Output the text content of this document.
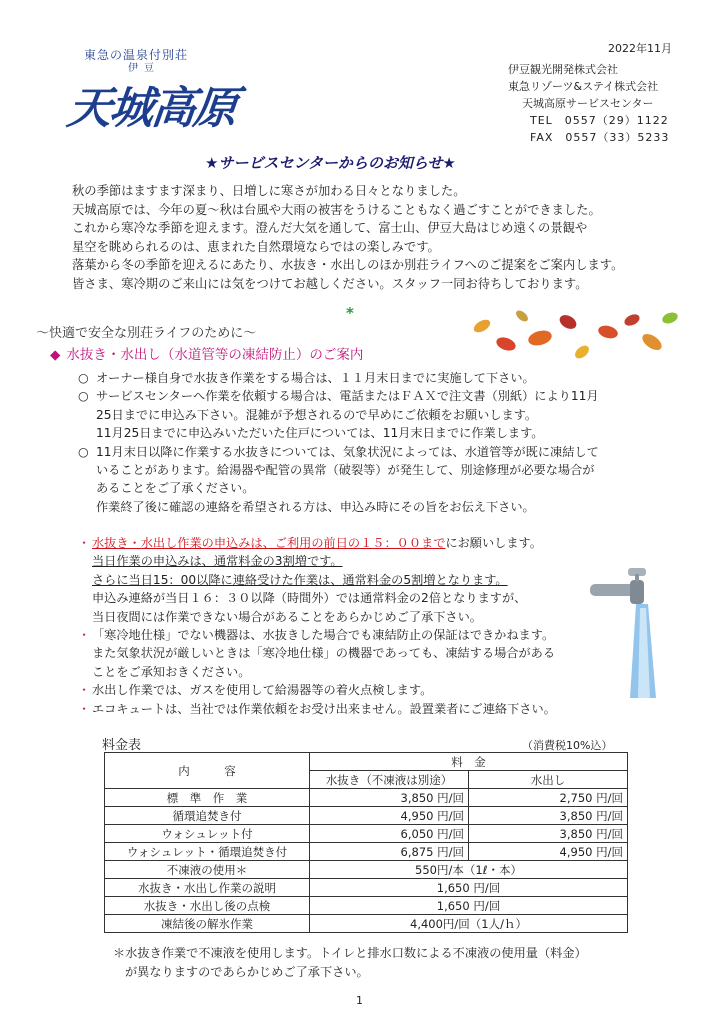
東急の温泉付別荘
伊豆
天城高原
2022年11月
伊豆観光開発株式会社
東急リゾーツ&ステイ株式会社
天城高原サービスセンター
TEL　0557（29）1122
FAX　0557（33）5233
★サービスセンターからのお知らせ★
秋の季節はますます深まり、日増しに寒さが加わる日々となりました。
天城高原では、今年の夏～秋は台風や大雨の被害をうけることもなく過ごすことができました。
これから寒冷な季節を迎えます。澄んだ大気を通して、富士山、伊豆大島はじめ遠くの景観や
星空を眺められるのは、恵まれた自然環境ならではの楽しみです。
落葉から冬の季節を迎えるにあたり、水抜き・水出しのほか別荘ライフへのご提案をご案内します。
皆さま、寒冷期のご来山には気をつけてお越しください。スタッフ一同お待ちしております。
*
～快適で安全な別荘ライフのために～
◆ 水抜き・水出し（水道管等の凍結防止）のご案内
○ オーナー様自身で水抜き作業をする場合は、１１月末日までに実施して下さい。
○ サービスセンターへ作業を依頼する場合は、電話またはＦＡＸで注文書（別紙）により11月
25日までに申込み下さい。混雑が予想されるので早めにご依頼をお願いします。
11月25日までに申込みいただいた住戸については、11月末日までに作業します。
○ 11月末日以降に作業する水抜きについては、気象状況によっては、水道管等が既に凍結して
いることがあります。給湯器や配管の異常（破裂等）が発生して、別途修理が必要な場合が
あることをご了承ください。
作業終了後に確認の連絡を希望される方は、申込み時にその旨をお伝え下さい。
・ 水抜き・水出し作業の申込みは、ご利用の前日の１５：００までにお願いします。
当日作業の申込みは、通常料金の3割増です。
さらに当日15：00以降に連絡受けた作業は、通常料金の5割増となります。
申込み連絡が当日１６：３０以降（時間外）では通常料金の2倍となりますが、
当日夜間には作業できない場合があることをあらかじめご了承下さい。
・ 「寒冷地仕様」でない機器は、水抜きした場合でも凍結防止の保証はできかねます。
また気象状況が厳しいときは「寒冷地仕様」の機器であっても、凍結する場合がある
ことをご承知おきください。
・ 水出し作業では、ガスを使用して給湯器等の着火点検します。
・ エコキュートは、当社では作業依頼をお受け出来ません。設置業者にご連絡下さい。
料金表	（消費税10%込）
内　　　容	料　金	
	水抜き（不凍液は別途）	水出し
標　準　作　業	3,850 円/回	2,750 円/回
循環追焚き付	4,950 円/回	3,850 円/回
ウォシュレット付	6,050 円/回	3,850 円/回
ウォシュレット・循環追焚き付	6,875 円/回	4,950 円/回
不凍液の使用＊	550円/本（1ℓ・本）	
水抜き・水出し作業の説明	1,650 円/回	
水抜き・水出し後の点検	1,650 円/回	
凍結後の解氷作業	4,400円/回（1人/ｈ）	
＊水抜き作業で不凍液を使用します。トイレと排水口数による不凍液の使用量（料金）
が異なりますのであらかじめご了承下さい。
1
